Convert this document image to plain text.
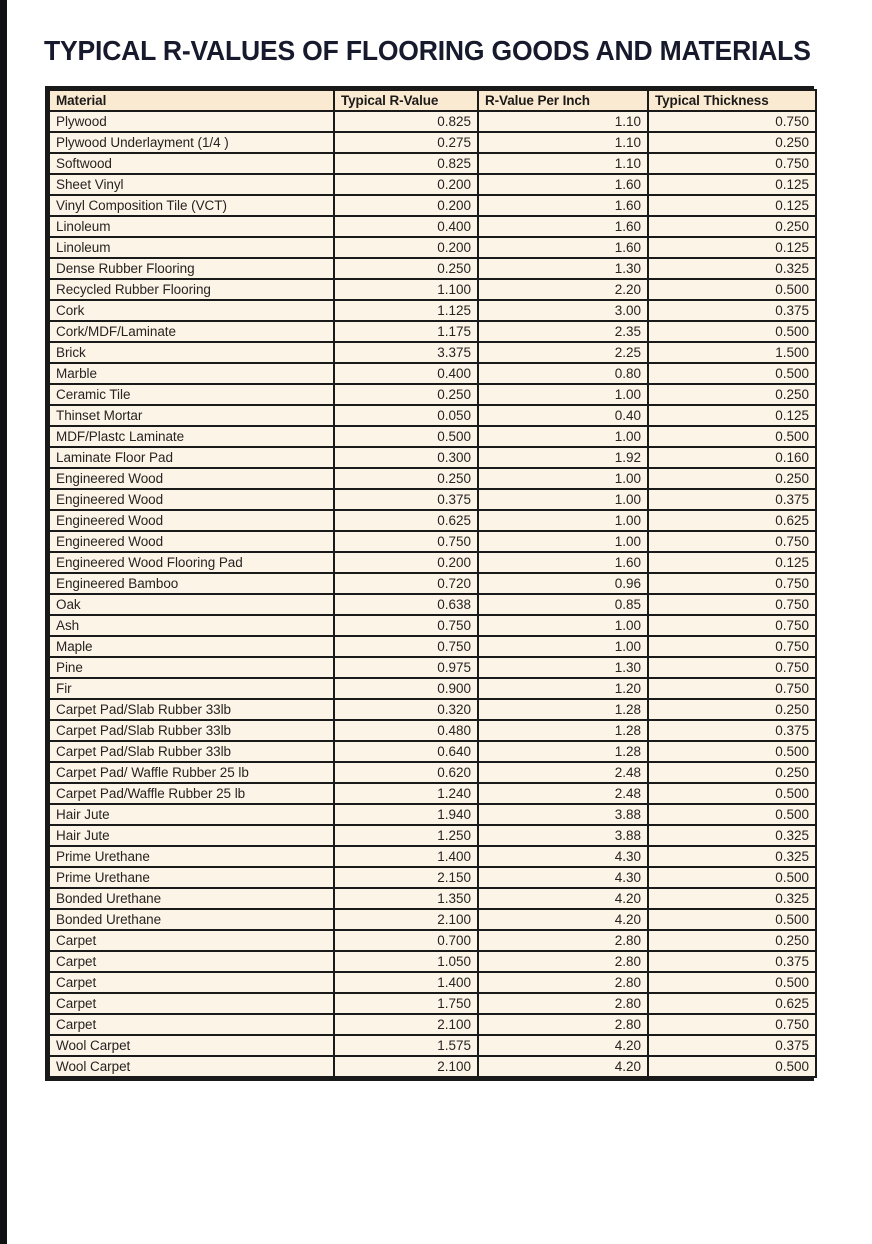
TYPICAL R-VALUES OF FLOORING GOODS AND MATERIALS
Material	Typical R-Value	R-Value Per Inch	Typical Thickness
Plywood	0.825	1.10	0.750
Plywood Underlayment (1/4 )	0.275	1.10	0.250
Softwood	0.825	1.10	0.750
Sheet Vinyl	0.200	1.60	0.125
Vinyl Composition Tile (VCT)	0.200	1.60	0.125
Linoleum	0.400	1.60	0.250
Linoleum	0.200	1.60	0.125
Dense Rubber Flooring	0.250	1.30	0.325
Recycled Rubber Flooring	1.100	2.20	0.500
Cork	1.125	3.00	0.375
Cork/MDF/Laminate	1.175	2.35	0.500
Brick	3.375	2.25	1.500
Marble	0.400	0.80	0.500
Ceramic Tile	0.250	1.00	0.250
Thinset Mortar	0.050	0.40	0.125
MDF/Plastc Laminate	0.500	1.00	0.500
Laminate Floor Pad	0.300	1.92	0.160
Engineered Wood	0.250	1.00	0.250
Engineered Wood	0.375	1.00	0.375
Engineered Wood	0.625	1.00	0.625
Engineered Wood	0.750	1.00	0.750
Engineered Wood Flooring Pad	0.200	1.60	0.125
Engineered Bamboo	0.720	0.96	0.750
Oak	0.638	0.85	0.750
Ash	0.750	1.00	0.750
Maple	0.750	1.00	0.750
Pine	0.975	1.30	0.750
Fir	0.900	1.20	0.750
Carpet Pad/Slab Rubber 33lb	0.320	1.28	0.250
Carpet Pad/Slab Rubber 33lb	0.480	1.28	0.375
Carpet Pad/Slab Rubber 33lb	0.640	1.28	0.500
Carpet Pad/ Waffle Rubber 25 lb	0.620	2.48	0.250
Carpet Pad/Waffle Rubber 25 lb	1.240	2.48	0.500
Hair Jute	1.940	3.88	0.500
Hair Jute	1.250	3.88	0.325
Prime Urethane	1.400	4.30	0.325
Prime Urethane	2.150	4.30	0.500
Bonded Urethane	1.350	4.20	0.325
Bonded Urethane	2.100	4.20	0.500
Carpet	0.700	2.80	0.250
Carpet	1.050	2.80	0.375
Carpet	1.400	2.80	0.500
Carpet	1.750	2.80	0.625
Carpet	2.100	2.80	0.750
Wool Carpet	1.575	4.20	0.375
Wool Carpet	2.100	4.20	0.500
